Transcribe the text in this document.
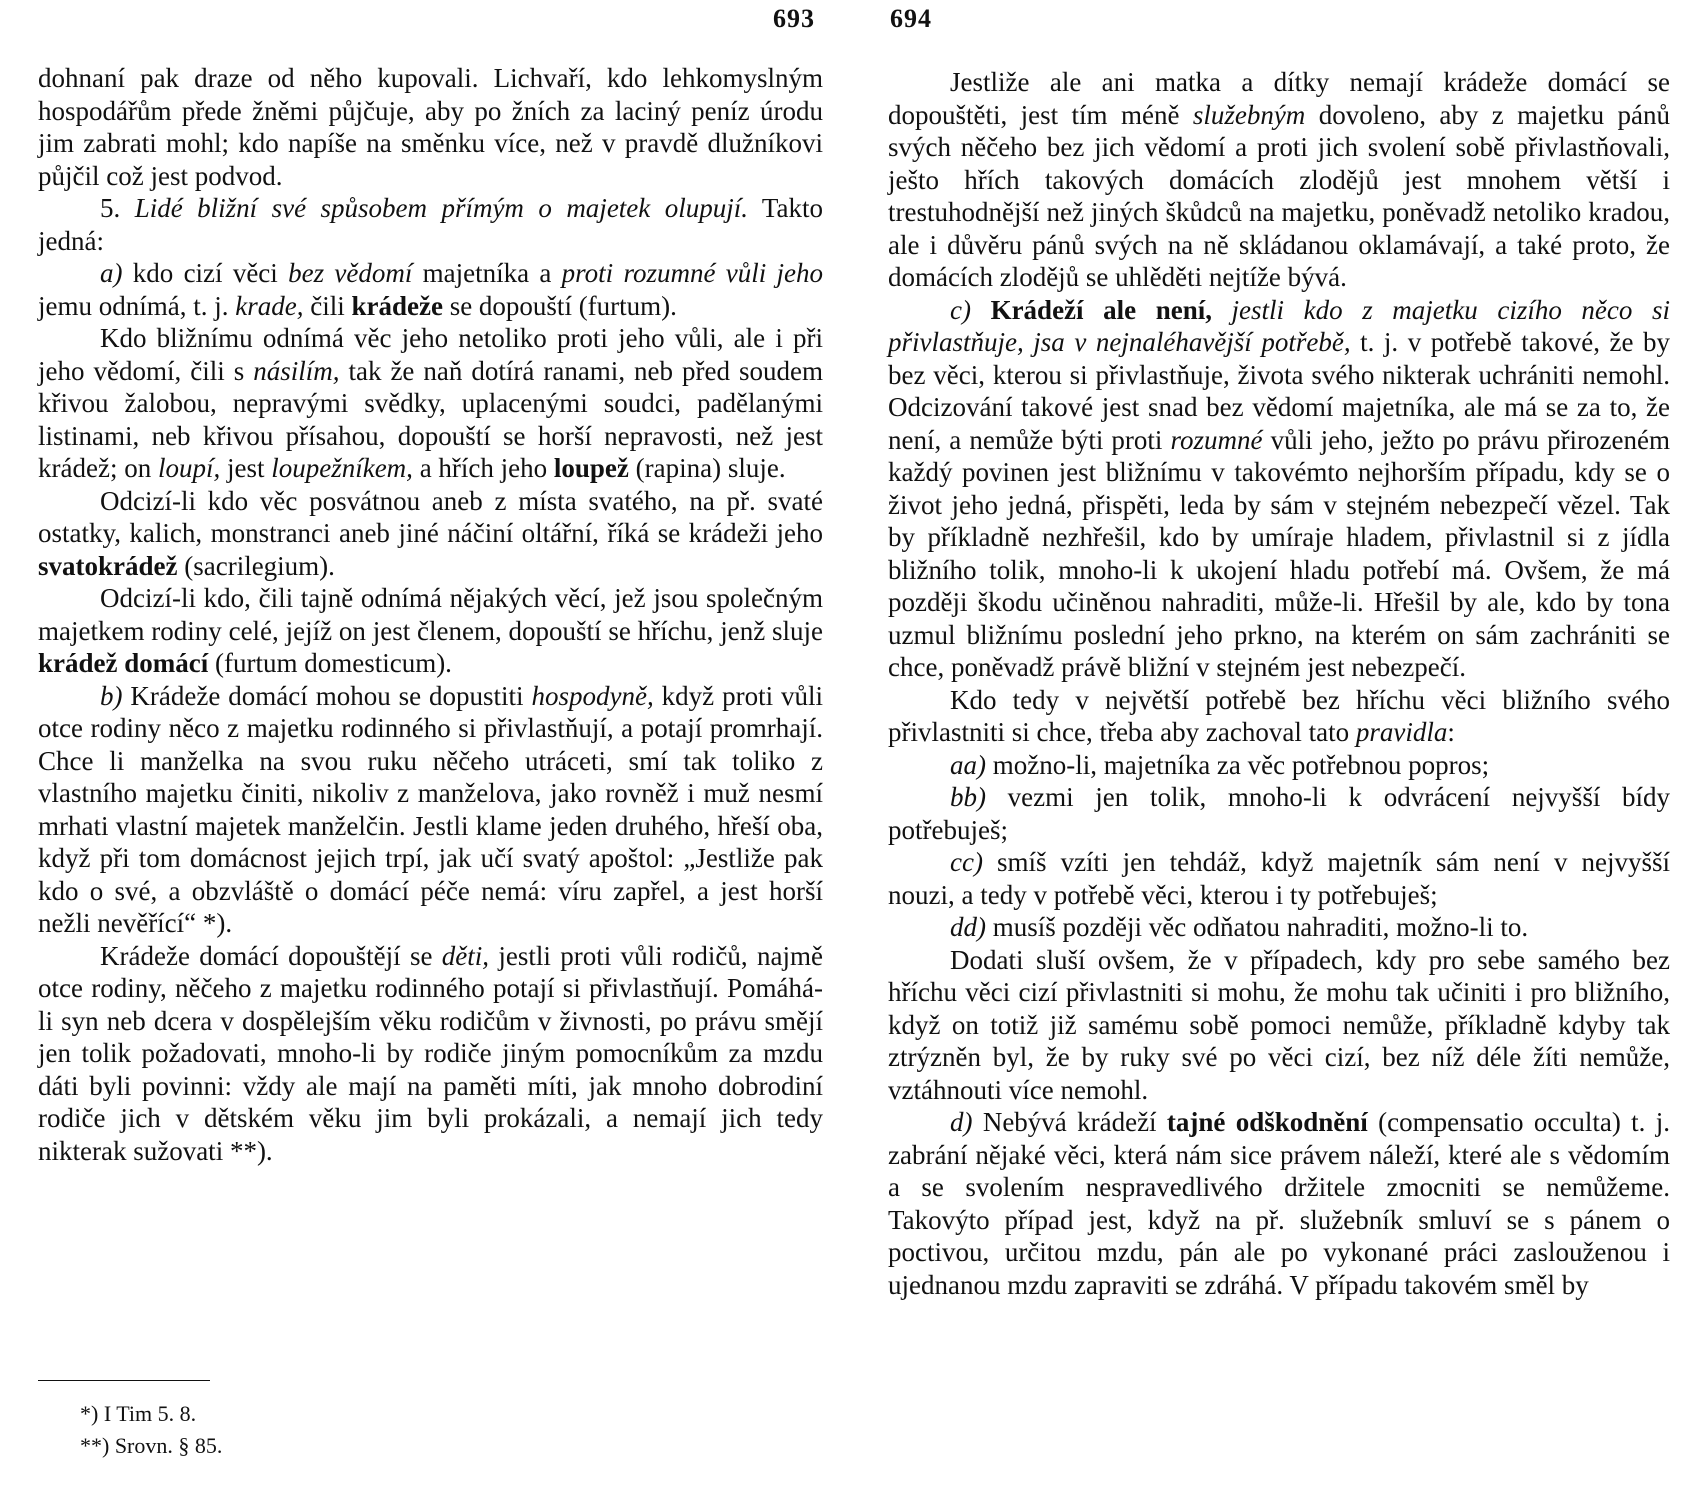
693

dohnaní pak draze od něho kupovali. Lichvaří, kdo lehkomyslným hospodářům přede žněmi půjčuje, aby po žních za laciný peníz úrodu jim zabrati mohl; kdo napíše na směnku více, než v pravdě dlužníkovi půjčil což jest podvod.

5. Lidé bližní své spůsobem přímým o majetek olupují. Takto jedná:

a) kdo cizí věci bez vědomí majetníka a proti rozumné vůli jeho jemu odnímá, t. j. krade, čili krádeže se dopouští (furtum).

Kdo bližnímu odnímá věc jeho netoliko proti jeho vůli, ale i při jeho vědomí, čili s násilím, tak že naň dotírá ranami, neb před soudem křivou žalobou, nepravými svědky, uplacenými soudci, padělanými listinami, neb křivou přísahou, dopouští se horší nepravosti, než jest krádež; on loupí, jest loupežníkem, a hřích jeho loupež (rapina) sluje.

Odcizí-li kdo věc posvátnou aneb z místa svatého, na př. svaté ostatky, kalich, monstranci aneb jiné náčiní oltářní, říká se krádeži jeho svatokrádež (sacrilegium).

Odcizí-li kdo, čili tajně odnímá nějakých věcí, jež jsou společným majetkem rodiny celé, jejíž on jest členem, dopouští se hříchu, jenž sluje krádež domácí (furtum domesticum).

b) Krádeže domácí mohou se dopustiti hospodyně, když proti vůli otce rodiny něco z majetku rodinného si přivlastňují, a potají promrhají. Chce li manželka na svou ruku něčeho utráceti, smí tak toliko z vlastního majetku činiti, nikoliv z manželova, jako rovněž i muž nesmí mrhati vlastní majetek manželčin. Jestli klame jeden druhého, hřeší oba, když při tom domácnost jejich trpí, jak učí svatý apoštol: „Jestliže pak kdo o své, a obzvláště o domácí péče nemá: víru zapřel, a jest horší nežli nevěřící“ *).

Krádeže domácí dopouštějí se děti, jestli proti vůli rodičů, najmě otce rodiny, něčeho z majetku rodinného potají si přivlastňují. Pomáhá-li syn neb dcera v dospělejším věku rodičům v živnosti, po právu smějí jen tolik požadovati, mnoho-li by rodiče jiným pomocníkům za mzdu dáti byli povinni: vždy ale mají na paměti míti, jak mnoho dobrodiní rodiče jich v dětském věku jim byli prokázali, a nemají jich tedy nikterak sužovati **).

*) I Tim 5. 8.
**) Srovn. § 85.
694

Jestliže ale ani matka a dítky nemají krádeže domácí se dopouštěti, jest tím méně služebným dovoleno, aby z majetku pánů svých něčeho bez jich vědomí a proti jich svolení sobě přivlastňovali, ješto hřích takových domácích zlodějů jest mnohem větší i trestuhodnější než jiných škůdců na majetku, poněvadž netoliko kradou, ale i důvěru pánů svých na ně skládanou oklamávají, a také proto, že domácích zlodějů se uhlěděti nejtíže bývá.

c) Krádeží ale není, jestli kdo z majetku cizího něco si přivlastňuje, jsa v nejnaléhavější potřebě, t. j. v potřebě takové, že by bez věci, kterou si přivlastňuje, života svého nikterak uchrániti nemohl. Odcizování takové jest snad bez vědomí majetníka, ale má se za to, že není, a nemůže býti proti rozumné vůli jeho, ježto po právu přirozeném každý povinen jest bližnímu v takovémto nejhorším případu, kdy se o život jeho jedná, přispěti, leda by sám v stejném nebezpečí vězel. Tak by příkladně nezhřešil, kdo by umíraje hladem, přivlastnil si z jídla bližního tolik, mnoho-li k ukojení hladu potřebí má. Ovšem, že má později škodu učiněnou nahraditi, může-li. Hřešil by ale, kdo by tona uzmul bližnímu poslední jeho prkno, na kterém on sám zachrániti se chce, poněvadž právě bližní v stejném jest nebezpečí.

Kdo tedy v největší potřebě bez hříchu věci bližního svého přivlastniti si chce, třeba aby zachoval tato pravidla:

aa) možno-li, majetníka za věc potřebnou popros;

bb) vezmi jen tolik, mnoho-li k odvrácení nejvyšší bídy potřebuješ;

cc) smíš vzíti jen tehdáž, když majetník sám není v nejvyšší nouzi, a tedy v potřebě věci, kterou i ty potřebuješ;

dd) musíš později věc odňatou nahraditi, možno-li to.

Dodati sluší ovšem, že v případech, kdy pro sebe samého bez hříchu věci cizí přivlastniti si mohu, že mohu tak učiniti i pro bližního, když on totiž již samému sobě pomoci nemůže, příkladně kdyby tak ztrýzněn byl, že by ruky své po věci cizí, bez níž déle žíti nemůže, vztáhnouti více nemohl.

d) Nebývá krádeží tajné odškodnění (compensatio occulta) t. j. zabrání nějaké věci, která nám sice právem náleží, které ale s vědomím a se svolením nespravedlivého držitele zmocniti se nemůžeme. Takovýto případ jest, když na př. služebník smluví se s pánem o poctivou, určitou mzdu, pán ale po vykonané práci zaslouženou i ujednanou mzdu zapraviti se zdráhá. V případu takovém směl by
